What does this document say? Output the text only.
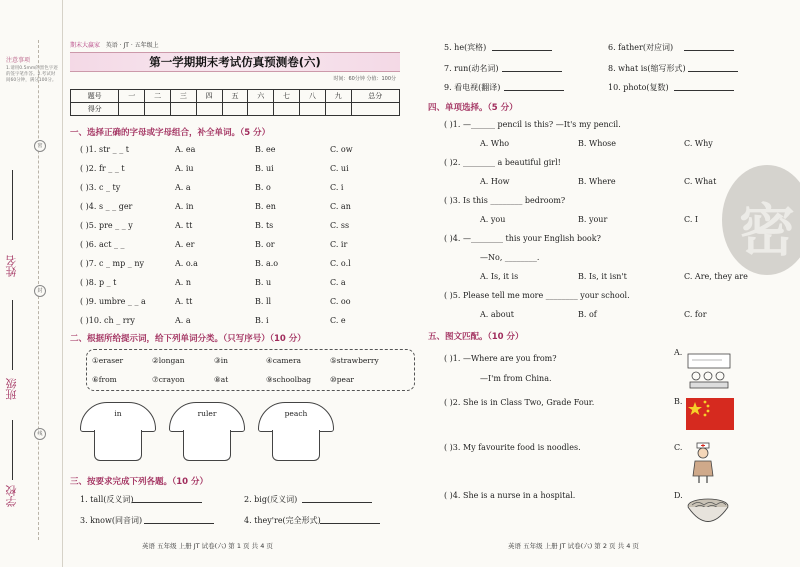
注意事项
1.请用0.5mm的黑色字迹的签字笔作答。2.考试时间60分钟，满分100分。
密
封
线
姓名
班级
学校
期末大赢家 英语 · JT · 五年级上
第一学期期末考试仿真预测卷(六)
时间：60分钟 分值：100分
题号	一	二	三	四	五	六	七	八	九	总分
得分										
一、选择正确的字母或字母组合，补全单词。（5 分）
( )1. str _ _ t	A. ea	B. ee	C. ow
( )2. fr _ _ t	A. iu	B. ui	C. ui
( )3. c _ ty	A. a	B. o	C. i
( )4. s _ _ ger	A. in	B. en	C. an
( )5. pre _ _ y	A. tt	B. ts	C. ss
( )6. act _ _	A. er	B. or	C. ir
( )7. c _ mp _ ny	A. o.a	B. a.o	C. o.l
( )8. p _ t	A. n	B. u	C. a
( )9. umbre _ _ a	A. tt	B. ll	C. oo
( )10. ch _ rry	A. a	B. i	C. e
二、根据所给提示词，给下列单词分类。（只写序号）（10 分）
①eraser	②longan	③in	④camera	⑤strawberry
⑥from	⑦crayon	⑧at	⑨schoolbag	⑩pear
in	ruler	peach
三、按要求完成下列各题。（10 分）
1. tall(反义词)	2. big(反义词)
3. know(同音词)	4. they're(完全形式)
英语 五年级 上册 JT 试卷(六) 第 1 页 共 4 页
5. he(宾格)	6. father(对应词)
7. run(动名词)	8. what is(缩写形式)
9. 看电视(翻译)	10. photo(复数)
四、单项选择。（5 分）
( )1. —______ pencil is this? —It's my pencil.
A. Who	B. Whose	C. Why
( )2. ________ a beautiful girl!
A. How	B. Where	C. What
( )3. Is this ________ bedroom?
A. you	B. your	C. I
( )4. —________ this your English book?
—No, ________.
A. Is, it is	B. Is, it isn't	C. Are, they are
( )5. Please tell me more ________ your school.
A. about	B. of	C. for
密
五、图文匹配。（10 分）
( )1. —Where are you from?
—I'm from China.
( )2. She is in Class Two, Grade Four.
( )3. My favourite food is noodles.
( )4. She is a nurse in a hospital.
A.
B.
C.
D.
英语 五年级 上册 JT 试卷(六) 第 2 页 共 4 页
